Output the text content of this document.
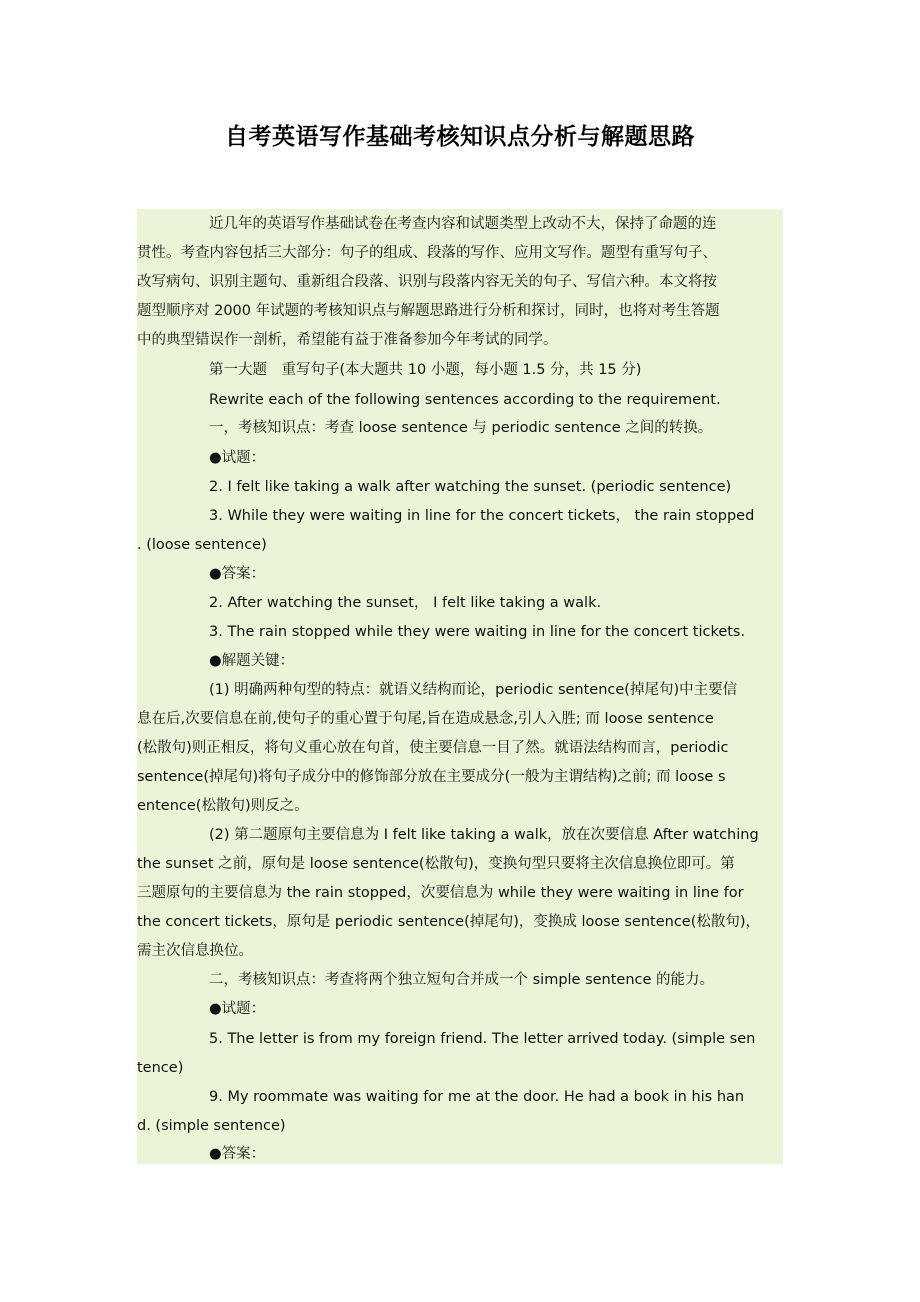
自考英语写作基础考核知识点分析与解题思路
近几年的英语写作基础试卷在考查内容和试题类型上改动不大，保持了命题的连
贯性。考查内容包括三大部分：句子的组成、段落的写作、应用文写作。题型有重写句子、
改写病句、识别主题句、重新组合段落、识别与段落内容无关的句子、写信六种。本文将按
题型顺序对 2000 年试题的考核知识点与解题思路进行分析和探讨，同时，也将对考生答题
中的典型错误作一剖析，希望能有益于准备参加今年考试的同学。
第一大题　重写句子(本大题共 10 小题，每小题 1.5 分，共 15 分)
Rewrite each of the following sentences according to the requirement.
一，考核知识点：考查 loose sentence 与 periodic sentence 之间的转换。
●试题：
2. I felt like taking a walk after watching the sunset. (periodic sentence)
3. While they were waiting in line for the concert tickets， the rain stopped
. (loose sentence)
●答案：
2. After watching the sunset， I felt like taking a walk.
3. The rain stopped while they were waiting in line for the concert tickets.
●解题关键：
(1) 明确两种句型的特点：就语义结构而论，periodic sentence(掉尾句)中主要信
息在后,次要信息在前,使句子的重心置于句尾,旨在造成悬念,引人入胜; 而 loose sentence
(松散句)则正相反，将句义重心放在句首，使主要信息一目了然。就语法结构而言，periodic
sentence(掉尾句)将句子成分中的修饰部分放在主要成分(一般为主谓结构)之前; 而 loose s
entence(松散句)则反之。
(2) 第二题原句主要信息为 I felt like taking a walk，放在次要信息 After watching
the sunset 之前，原句是 loose sentence(松散句)，变换句型只要将主次信息换位即可。第
三题原句的主要信息为 the rain stopped，次要信息为 while they were waiting in line for
the concert tickets，原句是 periodic sentence(掉尾句)，变换成 loose sentence(松散句)，
需主次信息换位。
二，考核知识点：考查将两个独立短句合并成一个 simple sentence 的能力。
●试题：
5. The letter is from my foreign friend. The letter arrived today. (simple sen
tence)
9. My roommate was waiting for me at the door. He had a book in his han
d. (simple sentence)
●答案：
